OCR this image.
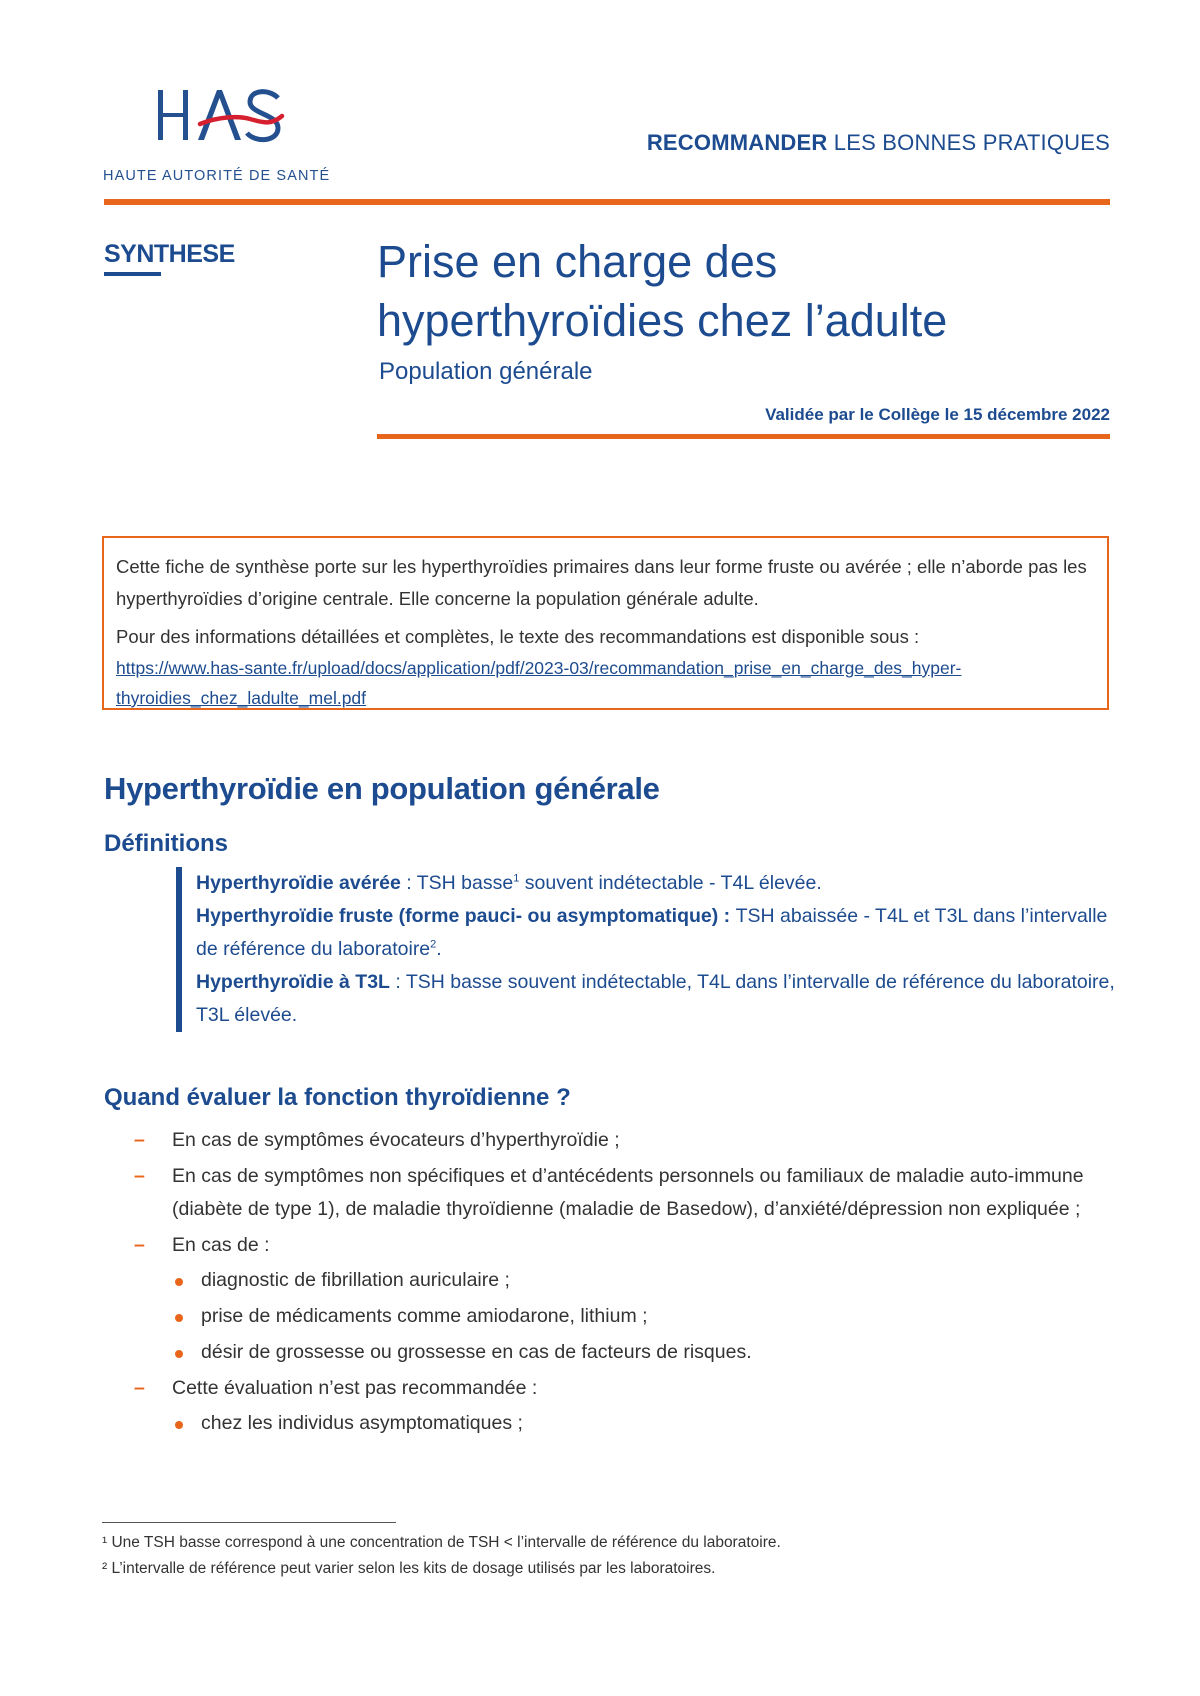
HAUTE AUTORITÉ DE SANTÉ
RECOMMANDER LES BONNES PRATIQUES
SYNTHESE	Prise en charge des
hyperthyroïdies chez l’adulte
Population générale
Validée par le Collège le 15 décembre 2022

Cette fiche de synthèse porte sur les hyperthyroïdies primaires dans leur forme fruste ou avérée ; elle n’aborde pas les hyperthyroïdies d’origine centrale. Elle concerne la population générale adulte.

Pour des informations détaillées et complètes, le texte des recommandations est disponible sous :
https://www.has-sante.fr/upload/docs/application/pdf/2023-03/recommandation_prise_en_charge_des_hyper-
thyroidies_chez_ladulte_mel.pdf

Hyperthyroïdie en population générale
Définitions
Hyperthyroïdie avérée : TSH basse$^1$ souvent indétectable - T4L élevée.
Hyperthyroïdie fruste (forme pauci- ou asymptomatique) : TSH abaissée - T4L et T3L dans l’intervalle de référence du laboratoire$^2$.
Hyperthyroïdie à T3L : TSH basse souvent indétectable, T4L dans l’intervalle de référence du laboratoire, T3L élevée.
Quand évaluer la fonction thyroïdienne ?
– En cas de symptômes évocateurs d’hyperthyroïdie ;
– En cas de symptômes non spécifiques et d’antécédents personnels ou familiaux de maladie auto-immune (diabète de type 1), de maladie thyroïdienne (maladie de Basedow), d’anxiété/dépression non expliquée ;
– En cas de :
diagnostic de fibrillation auriculaire ;
prise de médicaments comme amiodarone, lithium ;
désir de grossesse ou grossesse en cas de facteurs de risques.
– Cette évaluation n’est pas recommandée :
chez les individus asymptomatiques ;
¹ Une TSH basse correspond à une concentration de TSH < l’intervalle de référence du laboratoire.
² L’intervalle de référence peut varier selon les kits de dosage utilisés par les laboratoires.
